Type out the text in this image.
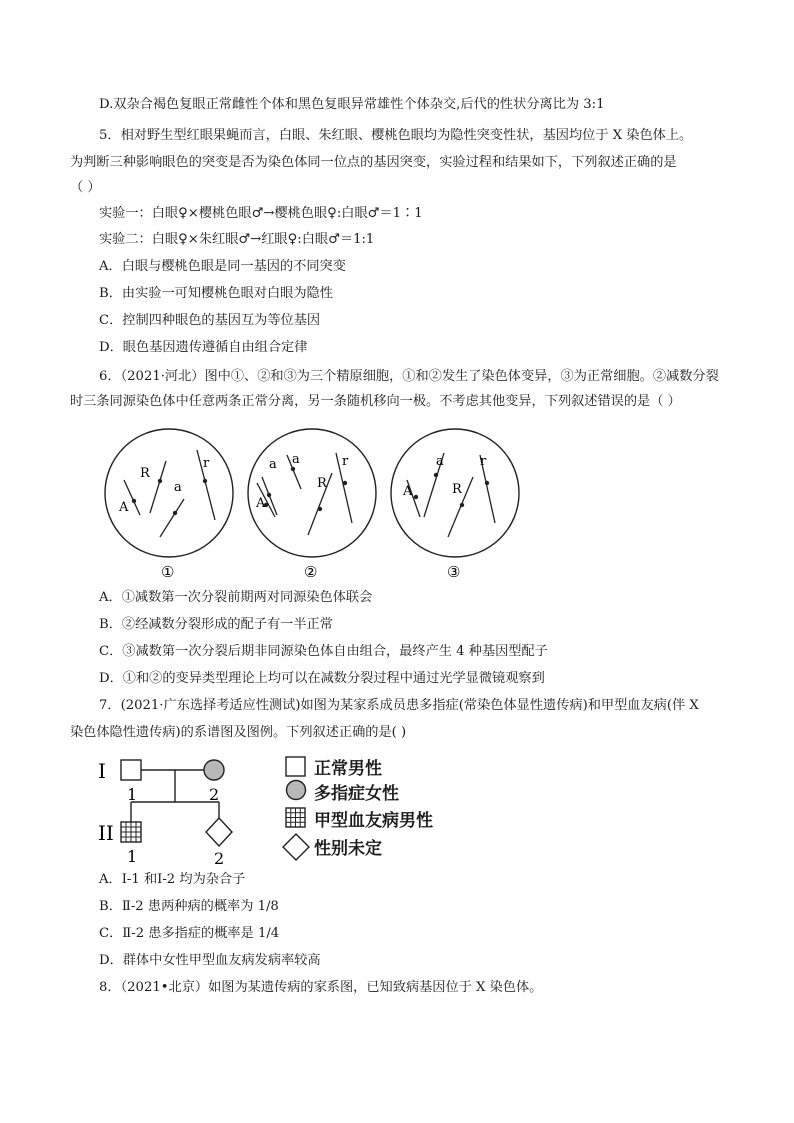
D.双杂合褐色复眼正常雌性个体和黑色复眼异常雄性个体杂交,后代的性状分离比为 3:1
5．相对野生型红眼果蝇而言，白眼、朱红眼、樱桃色眼均为隐性突变性状，基因均位于 X 染色体上。
为判断三种影响眼色的突变是否为染色体同一位点的基因突变，实验过程和结果如下，下列叙述正确的是
（ ）
实验一：白眼♀×樱桃色眼♂→樱桃色眼♀:白眼♂＝1∶1
实验二：白眼♀×朱红眼♂→红眼♀:白眼♂＝1:1
A．白眼与樱桃色眼是同一基因的不同突变
B．由实验一可知樱桃色眼对白眼为隐性
C．控制四种眼色的基因互为等位基因
D．眼色基因遗传遵循自由组合定律
6．（2021·河北）图中①、②和③为三个精原细胞，①和②发生了染色体变异，③为正常细胞。②减数分裂
时三条同源染色体中任意两条正常分离，另一条随机移向一极。不考虑其他变异，下列叙述错误的是（ ）
R
r
a
A
a a	r
R
A
a	r
R
A
①	②	③
A．①减数第一次分裂前期两对同源染色体联会
B．②经减数分裂形成的配子有一半正常
C．③减数第一次分裂后期非同源染色体自由组合，最终产生 4 种基因型配子
D．①和②的变异类型理论上均可以在减数分裂过程中通过光学显微镜观察到
7．(2021·广东选择考适应性测试)如图为某家系成员患多指症(常染色体显性遗传病)和甲型血友病(伴 X
染色体隐性遗传病)的系谱图及图例。下列叙述正确的是( )
I
1	2
II
1	2
正常男性
多指症女性
甲型血友病男性
性别未定
A．Ⅰ-1 和Ⅰ-2 均为杂合子
B．Ⅱ-2 患两种病的概率为 1/8
C．Ⅱ-2 患多指症的概率是 1/4
D．群体中女性甲型血友病发病率较高
8．（2021•北京）如图为某遗传病的家系图，已知致病基因位于 X 染色体。
